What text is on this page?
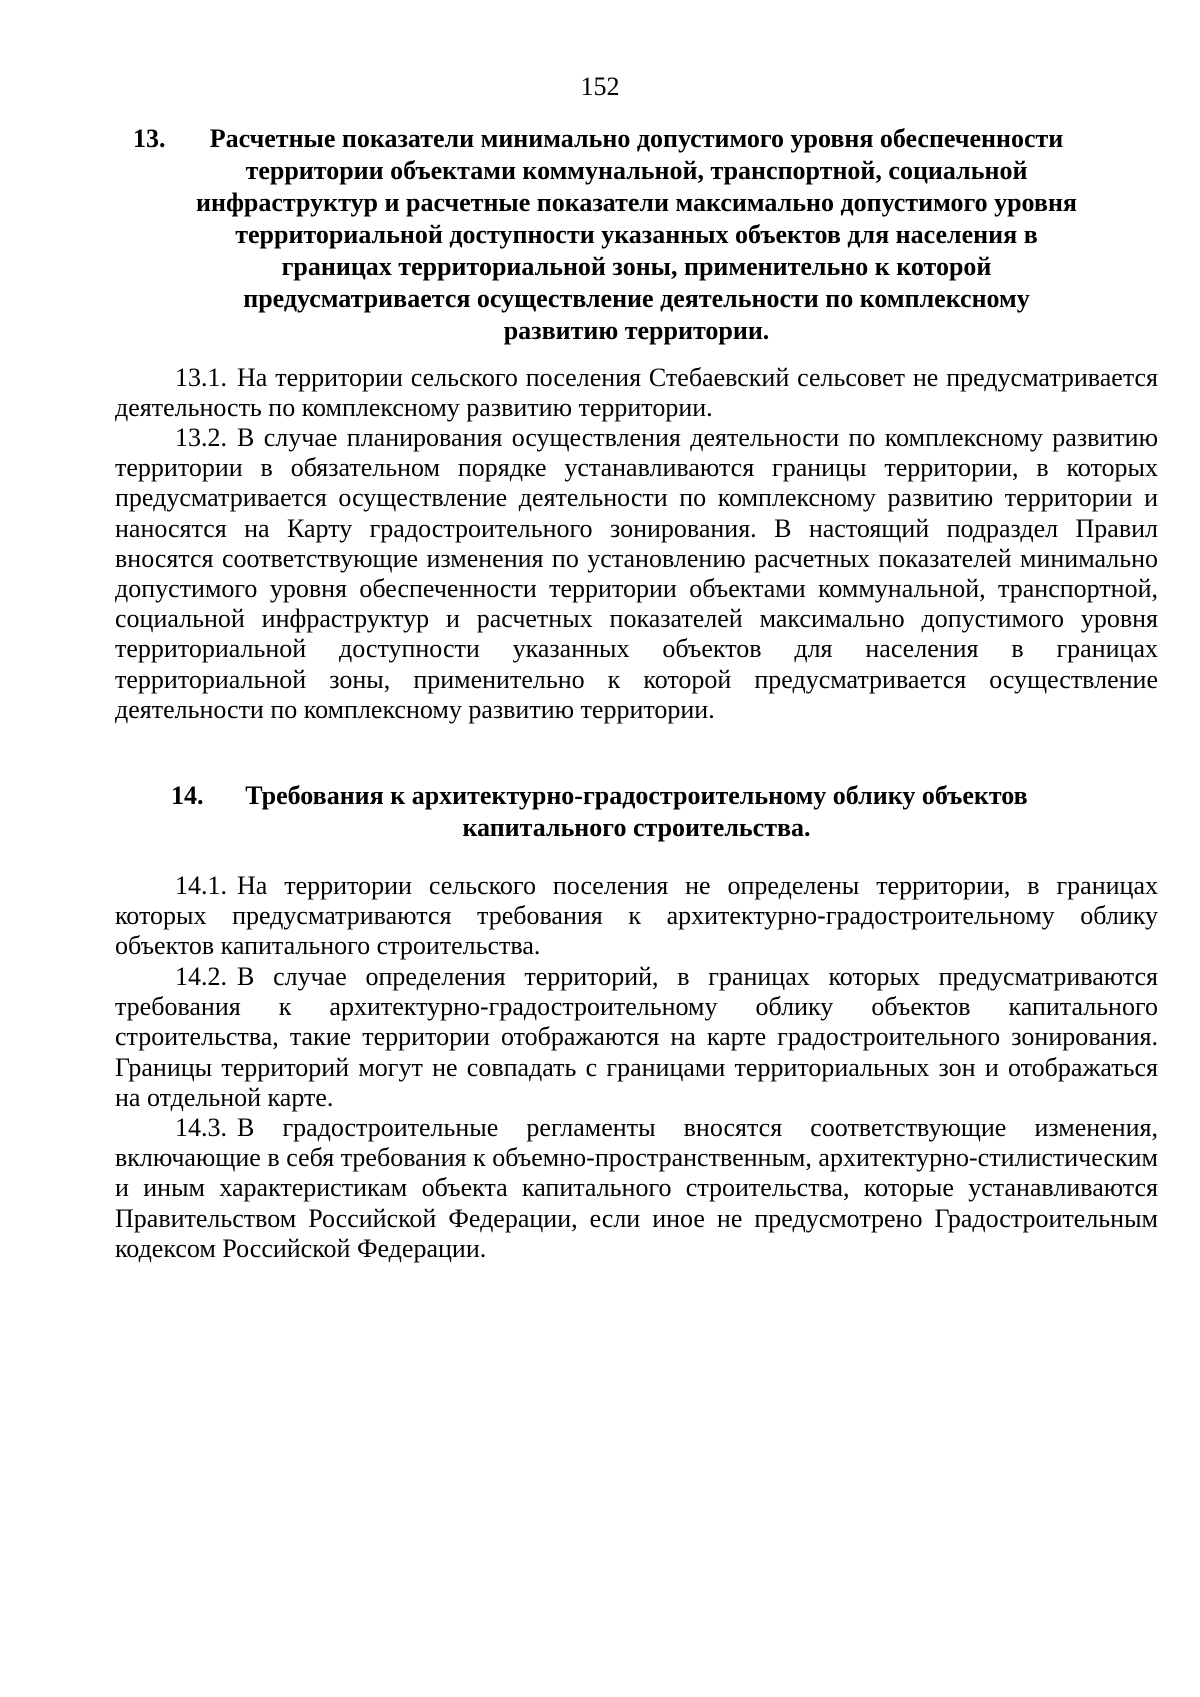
152
13.	Расчетные показатели минимально допустимого уровня обеспеченности
территории объектами коммунальной, транспортной, социальной
инфраструктур и расчетные показатели максимально допустимого уровня
территориальной доступности указанных объектов для населения в
границах территориальной зоны, применительно к которой
предусматривается осуществление деятельности по комплексному
развитию территории.

13.1. На территории сельского поселения Стебаевский сельсовет не предусматривается деятельность по комплексному развитию территории.

13.2. В случае планирования осуществления деятельности по комплексному развитию территории в обязательном порядке устанавливаются границы территории, в которых предусматривается осуществление деятельности по комплексному развитию территории и наносятся на Карту градостроительного зонирования. В настоящий подраздел Правил вносятся соответствующие изменения по установлению расчетных показателей минимально допустимого уровня обеспеченности территории объектами коммунальной, транспортной, социальной инфраструктур и расчетных показателей максимально допустимого уровня территориальной доступности указанных объектов для населения в границах территориальной зоны, применительно к которой предусматривается осуществление деятельности по комплексному развитию территории.

14.	Требования к архитектурно-градостроительному облику объектов
капитального строительства.

14.1. На территории сельского поселения не определены территории, в границах которых предусматриваются требования к архитектурно-градостроительному облику объектов капитального строительства.

14.2. В случае определения территорий, в границах которых предусматриваются требования к архитектурно-градостроительному облику объектов капитального строительства, такие территории отображаются на карте градостроительного зонирования. Границы территорий могут не совпадать с границами территориальных зон и отображаться на отдельной карте.

14.3. В градостроительные регламенты вносятся соответствующие изменения, включающие в себя требования к объемно-пространственным, архитектурно-стилистическим и иным характеристикам объекта капитального строительства, которые устанавливаются Правительством Российской Федерации, если иное не предусмотрено Градостроительным кодексом Российской Федерации.
